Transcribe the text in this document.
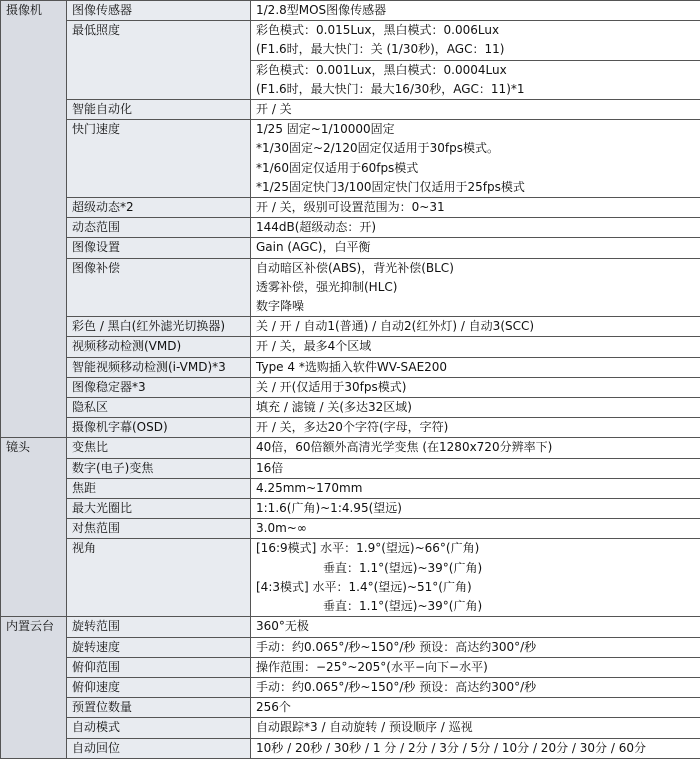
摄像机	图像传感器	1/2.8型MOS图像传感器
	最低照度	彩色模式：0.015Lux，黑白模式：0.006Lux
(F1.6时，最大快门：关 (1/30秒)，AGC：11)
彩色模式：0.001Lux，黑白模式：0.0004Lux
(F1.6时，最大快门：最大16/30秒，AGC：11)*1

	智能自动化	开 / 关
	快门速度	1/25 固定~1/10000固定
*1/30固定~2/120固定仅适用于30fps模式。
*1/60固定仅适用于60fps模式
*1/25固定快门3/100固定快门仅适用于25fps模式

	超级动态*2	开 / 关，级别可设置范围为：0~31
	动态范围	144dB(超级动态：开)
	图像设置	Gain (AGC)，白平衡
	图像补偿	自动暗区补偿(ABS)，背光补偿(BLC)
透雾补偿，强光抑制(HLC)
数字降噪

	彩色 / 黑白(红外滤光切换器)	关 / 开 / 自动1(普通) / 自动2(红外灯) / 自动3(SCC)
	视频移动检测(VMD)	开 / 关，最多4个区域
	智能视频移动检测(i-VMD)*3	Type 4 *选购插入软件WV-SAE200
	图像稳定器*3	关 / 开(仅适用于30fps模式)
	隐私区	填充 / 滤镜 / 关(多达32区域)
	摄像机字幕(OSD)	开 / 关，多达20个字符(字母，字符)
镜头	变焦比	40倍，60倍额外高清光学变焦 (在1280x720分辨率下)
	数字(电子)变焦	16倍
	焦距	4.25mm~170mm
	最大光圈比	1:1.6(广角)~1:4.95(望远)
	对焦范围	3.0m~∞
	视角	[16:9模式] 水平：1.9°(望远)~66°(广角)
垂直：1.1°(望远)~39°(广角)
[4:3模式] 水平：1.4°(望远)~51°(广角)
垂直：1.1°(望远)~39°(广角)

内置云台	旋转范围	360°无极
	旋转速度	手动：约0.065°/秒~150°/秒 预设：高达约300°/秒
	俯仰范围	操作范围：−25°~205°(水平−向下−水平)
	俯仰速度	手动：约0.065°/秒~150°/秒 预设：高达约300°/秒
	预置位数量	256个
	自动模式	自动跟踪*3 / 自动旋转 / 预设顺序 / 巡视
	自动回位	10秒 / 20秒 / 30秒 / 1 分 / 2分 / 3分 / 5分 / 10分 / 20分 / 30分 / 60分
